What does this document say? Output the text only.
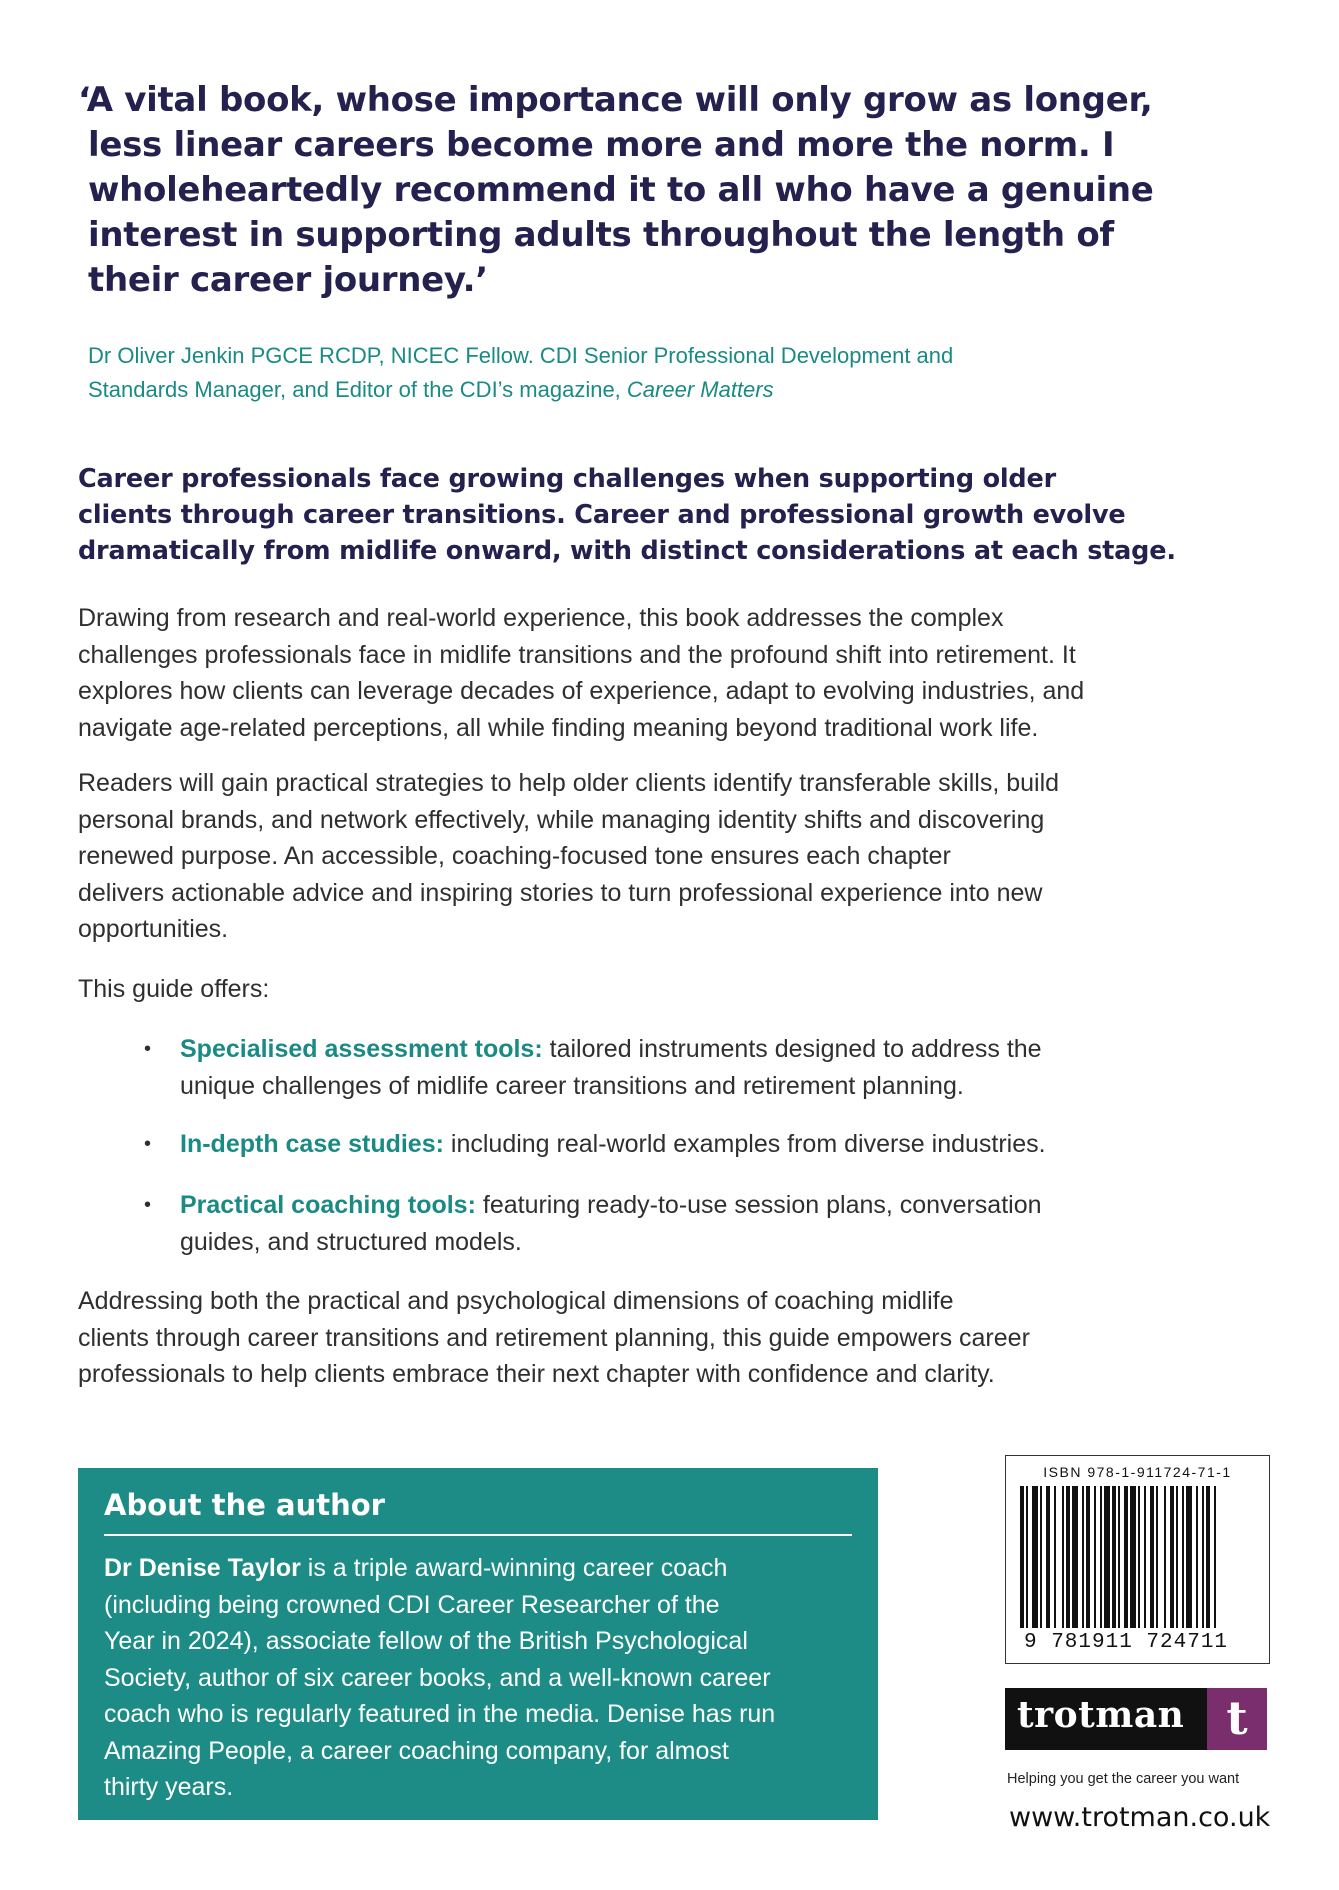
‘A vital book, whose importance will only grow as longer,
less linear careers become more and more the norm. I
wholeheartedly recommend it to all who have a genuine
interest in supporting adults throughout the length of
their career journey.’
Dr Oliver Jenkin PGCE RCDP, NICEC Fellow. CDI Senior Professional Development and
Standards Manager, and Editor of the CDI’s magazine, Career Matters
Career professionals face growing challenges when supporting older
clients through career transitions. Career and professional growth evolve
dramatically from midlife onward, with distinct considerations at each stage.
Drawing from research and real-world experience, this book addresses the complex
challenges professionals face in midlife transitions and the profound shift into retirement. It
explores how clients can leverage decades of experience, adapt to evolving industries, and
navigate age-related perceptions, all while finding meaning beyond traditional work life.
Readers will gain practical strategies to help older clients identify transferable skills, build
personal brands, and network effectively, while managing identity shifts and discovering
renewed purpose. An accessible, coaching-focused tone ensures each chapter
delivers actionable advice and inspiring stories to turn professional experience into new
opportunities.
This guide offers:
• Specialised assessment tools: tailored instruments designed to address the
unique challenges of midlife career transitions and retirement planning.
• In-depth case studies: including real-world examples from diverse industries.
• Practical coaching tools: featuring ready-to-use session plans, conversation
guides, and structured models.
Addressing both the practical and psychological dimensions of coaching midlife
clients through career transitions and retirement planning, this guide empowers career
professionals to help clients embrace their next chapter with confidence and clarity.
About the author
Dr Denise Taylor is a triple award-winning career coach
(including being crowned CDI Career Researcher of the
Year in 2024), associate fellow of the British Psychological
Society, author of six career books, and a well-known career
coach who is regularly featured in the media. Denise has run
Amazing People, a career coaching company, for almost
thirty years.
ISBN 978-1-911724-71-1
9 781911 724711
trotman t
Helping you get the career you want
www.trotman.co.uk
